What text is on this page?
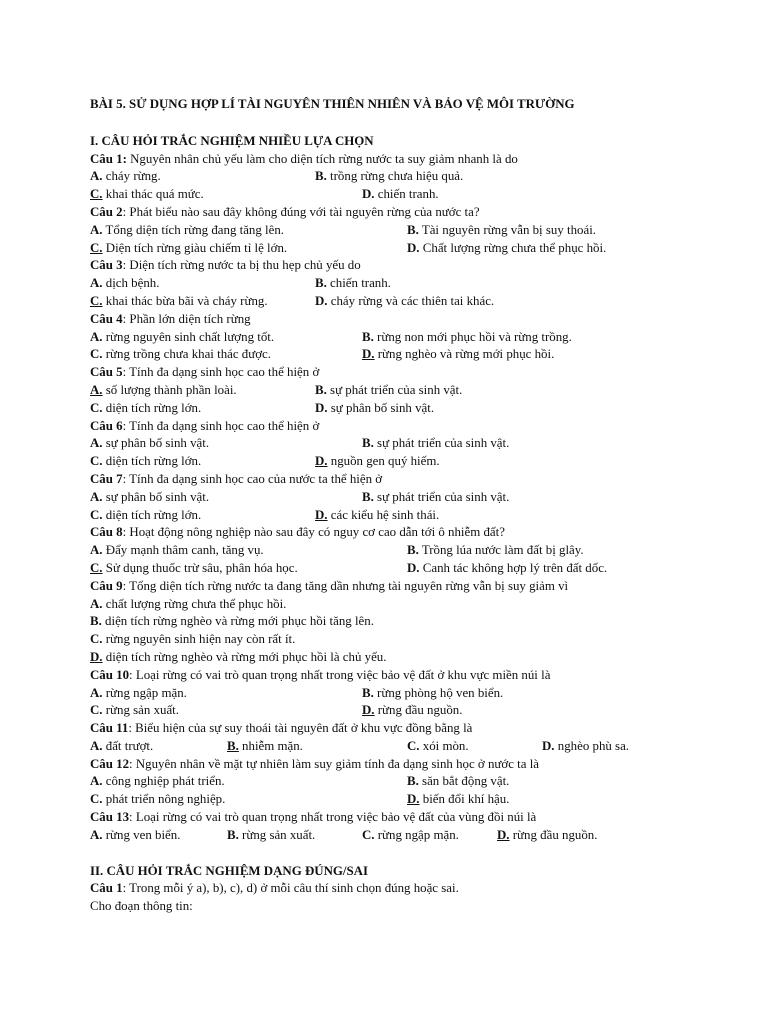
BÀI 5. SỬ DỤNG HỢP LÍ TÀI NGUYÊN THIÊN NHIÊN VÀ BẢO VỆ MÔI TRƯỜNG
I. CÂU HỎI TRẮC NGHIỆM NHIỀU LỰA CHỌN
Câu 1: Nguyên nhân chủ yếu làm cho diện tích rừng nước ta suy giảm nhanh là do
A. cháy rừng.	B. trồng rừng chưa hiệu quả.
C. khai thác quá mức.	D. chiến tranh.
Câu 2: Phát biểu nào sau đây không đúng với tài nguyên rừng của nước ta?
A. Tổng diện tích rừng đang tăng lên.	B. Tài nguyên rừng vẫn bị suy thoái.
C. Diện tích rừng giàu chiếm tỉ lệ lớn.	D. Chất lượng rừng chưa thể phục hồi.
Câu 3: Diện tích rừng nước ta bị thu hẹp chủ yếu do
A. dịch bệnh.	B. chiến tranh.
C. khai thác bừa bãi và cháy rừng.	D. cháy rừng và các thiên tai khác.
Câu 4: Phần lớn diện tích rừng
A. rừng nguyên sinh chất lượng tốt.	B. rừng non mới phục hồi và rừng trồng.
C. rừng trồng chưa khai thác được.	D. rừng nghèo và rừng mới phục hồi.
Câu 5: Tính đa dạng sinh học cao thể hiện ở
A. số lượng thành phần loài.	B. sự phát triển của sinh vật.
C. diện tích rừng lớn.	D. sự phân bố sinh vật.
Câu 6: Tính đa dạng sinh học cao thể hiện ở
A. sự phân bố sinh vật.	B. sự phát triển của sinh vật.
C. diện tích rừng lớn.	D. nguồn gen quý hiếm.
Câu 7: Tính đa dạng sinh học cao của nước ta thể hiện ở
A. sự phân bố sinh vật.	B. sự phát triển của sinh vật.
C. diện tích rừng lớn.	D. các kiểu hệ sinh thái.
Câu 8: Hoạt động nông nghiệp nào sau đây có nguy cơ cao dẫn tới ô nhiễm đất?
A. Đẩy mạnh thâm canh, tăng vụ.	B. Trồng lúa nước làm đất bị glây.
C. Sử dụng thuốc trừ sâu, phân hóa học.	D. Canh tác không hợp lý trên đất dốc.
Câu 9: Tổng diện tích rừng nước ta đang tăng dần nhưng tài nguyên rừng vẫn bị suy giảm vì
A. chất lượng rừng chưa thể phục hồi.
B. diện tích rừng nghèo và rừng mới phục hồi tăng lên.
C. rừng nguyên sinh hiện nay còn rất ít.
D. diện tích rừng nghèo và rừng mới phục hồi là chủ yếu.
Câu 10: Loại rừng có vai trò quan trọng nhất trong việc bảo vệ đất ở khu vực miền núi là
A. rừng ngập mặn.	B. rừng phòng hộ ven biển.
C. rừng sản xuất.	D. rừng đầu nguồn.
Câu 11: Biểu hiện của sự suy thoái tài nguyên đất ở khu vực đồng bằng là
A. đất trượt.	B. nhiễm mặn.	C. xói mòn.	D. nghèo phù sa.
Câu 12: Nguyên nhân về mặt tự nhiên làm suy giảm tính đa dạng sinh học ở nước ta là
A. công nghiệp phát triển.	B. săn bắt động vật.
C. phát triển nông nghiệp.	D. biến đổi khí hậu.
Câu 13: Loại rừng có vai trò quan trọng nhất trong việc bảo vệ đất của vùng đồi núi là
A. rừng ven biển.	B. rừng sản xuất.	C. rừng ngập mặn.	D. rừng đầu nguồn.
II. CÂU HỎI TRẮC NGHIỆM DẠNG ĐÚNG/SAI
Câu 1: Trong mỗi ý a), b), c), d) ở mỗi câu thí sinh chọn đúng hoặc sai.
Cho đoạn thông tin:
